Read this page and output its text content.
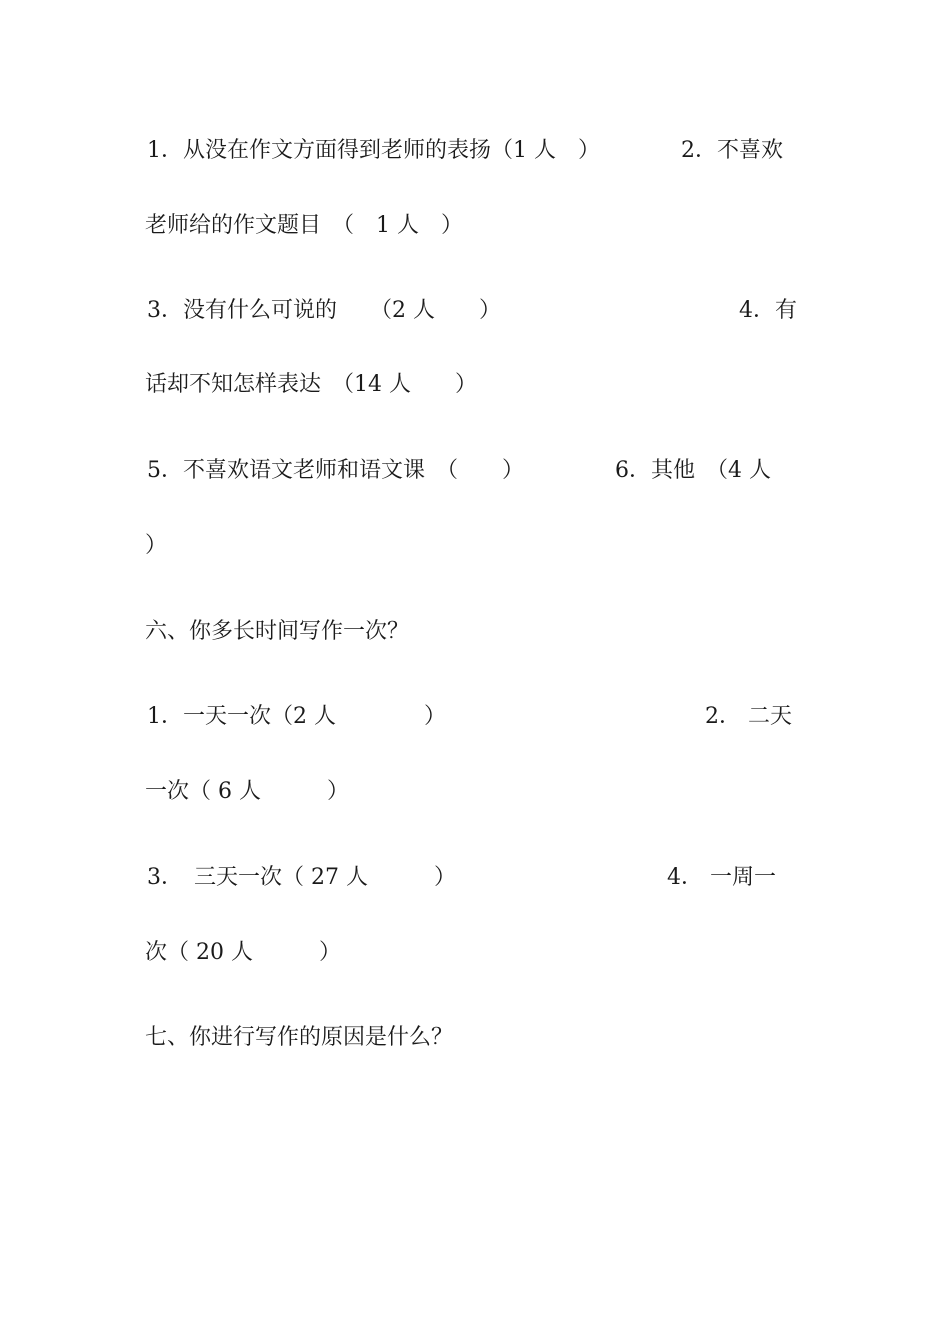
1．从没在作文方面得到老师的表扬（1 人　）

	2．不喜欢

老师给的作文题目　（　1 人　）

3．没有什么可说的　　（2 人　　）

	4．有

话却不知怎样表达　（14 人　　）

5．不喜欢语文老师和语文课　（　　）

	6．其他　（4 人

）

六、你多长时间写作一次？

1．一天一次（2 人　　　　）

	2． 二天

一次（ 6 人　　　）

3．　三天一次（ 27 人　　　）

	4． 一周一

次（ 20 人　　　）

七、你进行写作的原因是什么？
